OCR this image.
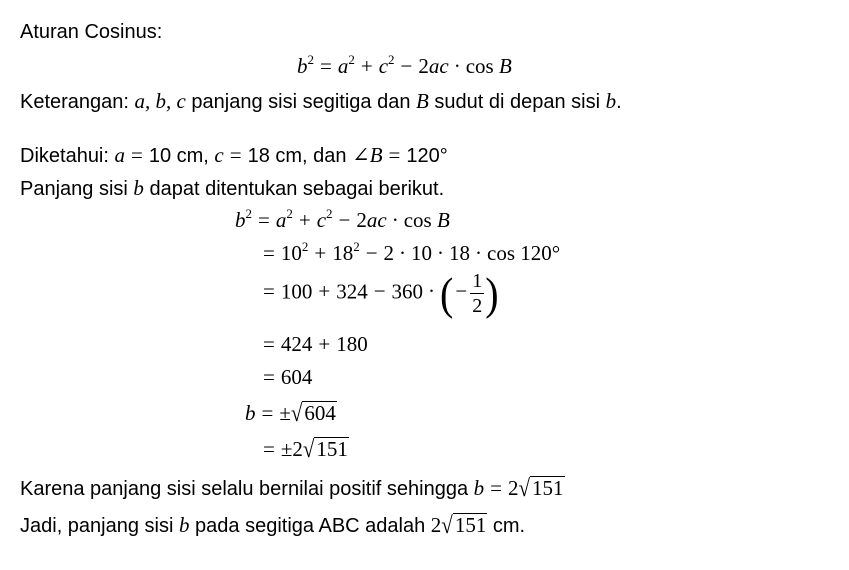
Aturan Cosinus:
$b^2 = a^2 + c^2 - 2ac \cdot \cos B$
Keterangan: a, b, c panjang sisi segitiga dan B sudut di depan sisi b.
Diketahui: a = 10 cm, c = 18 cm, dan ∠B = 120°
Panjang sisi b dapat ditentukan sebagai berikut.
$b^2 = a^2 + c^2 - 2ac \cdot \cos B$
= $10^2 + 18^2 - 2 \cdot 10 \cdot 18 \cdot \cos 120^\circ$
= 100 + 324 − 360 · (− $\frac{1}{2}$ )
= 424 + 180
= 604
b = ±√604
= ±2√151
Karena panjang sisi selalu bernilai positif sehingga b = 2√151
Jadi, panjang sisi b pada segitiga ABC adalah 2√151 cm.
